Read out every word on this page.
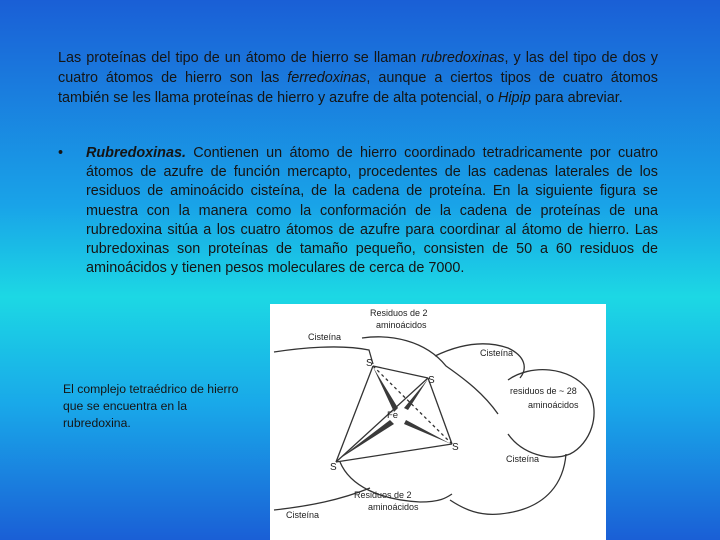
Las proteínas del tipo de un átomo de hierro se llaman rubredoxinas, y las del tipo de dos y cuatro átomos de hierro son las ferredoxinas, aunque a ciertos tipos de cuatro átomos también se les llama proteínas de hierro y azufre de alta potencial, o Hipip para abreviar.

• Rubredoxinas. Contienen un átomo de hierro coordinado tetradricamente por cuatro átomos de azufre de función mercapto, procedentes de las cadenas laterales de los residuos de aminoácido cisteína, de la cadena de proteína. En la siguiente figura se muestra con la manera como la conformación de la cadena de proteínas de una rubredoxina sitúa a los cuatro átomos de azufre para coordinar al átomo de hierro. Las rubredoxinas son proteínas de tamaño pequeño, consisten de 50 a 60 residuos de aminoácidos y tienen pesos moleculares de cerca de 7000.

S
S
S
S
Fe
Residuos de 2
aminoácidos
Cisteína
Cisteína
residuos de ~ 28
aminoácidos
Cisteína
Residuos de 2
aminoácidos
Cisteína

El complejo tetraédrico de hierro que se encuentra en la rubredoxina.
